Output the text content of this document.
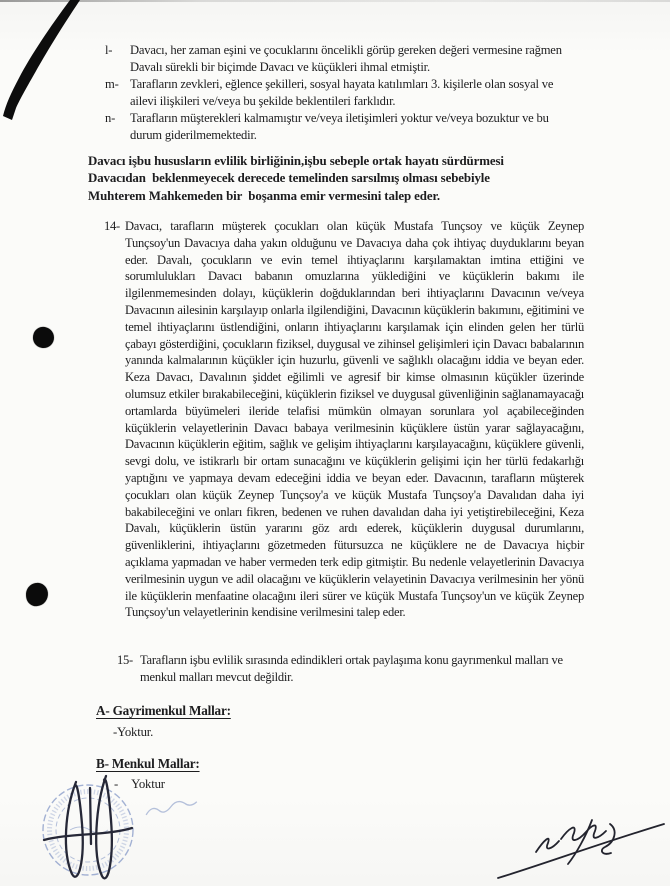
l-	Davacı, her zaman eşini ve çocuklarını öncelikli görüp gereken değeri vermesine rağmen Davalı sürekli bir biçimde Davacı ve küçükleri ihmal etmiştir.
m- Tarafların zevkleri, eğlence şekilleri, sosyal hayata katılımları 3. kişilerle olan sosyal ve ailevi ilişkileri ve/veya bu şekilde beklentileri farklıdır.
n-	Tarafların müşterekleri kalmamıştır ve/veya iletişimleri yoktur ve/veya bozuktur ve bu durum giderilmemektedir.
Davacı işbu hususların evlilik birliğinin,işbu sebeple ortak hayatı sürdürmesi
Davacıdan  beklenmeyecek derecede temelinden sarsılmış olması sebebiyle
Muhterem Mahkemeden bir  boşanma emir vermesini talep eder.
14- Davacı, tarafların müşterek çocukları olan küçük Mustafa Tunçsoy ve küçük Zeynep Tunçsoy'un Davacıya daha yakın olduğunu ve Davacıya daha çok ihtiyaç duyduklarını beyan eder. Davalı, çocukların ve evin temel ihtiyaçlarını karşılamaktan imtina ettiğini ve sorumlulukları Davacı babanın omuzlarına yüklediğini ve küçüklerin bakımı ile ilgilenmemesinden dolayı, küçüklerin doğduklarından beri ihtiyaçlarını Davacının ve/veya Davacının ailesinin karşılayıp onlarla ilgilendiğini, Davacının küçüklerin bakımını, eğitimini ve temel ihtiyaçlarını üstlendiğini, onların ihtiyaçlarını karşılamak için elinden gelen her türlü çabayı gösterdiğini, çocukların fiziksel, duygusal ve zihinsel gelişimleri için Davacı babalarının yanında kalmalarının küçükler için huzurlu, güvenli ve sağlıklı olacağını iddia ve beyan eder. Keza Davacı, Davalının şiddet eğilimli ve agresif bir kimse olmasının küçükler üzerinde olumsuz etkiler bırakabileceğini, küçüklerin fiziksel ve duygusal güvenliğinin sağlanamayacağı ortamlarda büyümeleri ileride telafisi mümkün olmayan sorunlara yol açabileceğinden küçüklerin velayetlerinin Davacı babaya verilmesinin küçüklere üstün yarar sağlayacağını, Davacının küçüklerin eğitim, sağlık ve gelişim ihtiyaçlarını karşılayacağını, küçüklere güvenli, sevgi dolu, ve istikrarlı bir ortam sunacağını ve küçüklerin gelişimi için her türlü fedakarlığı yaptığını ve yapmaya devam edeceğini iddia ve beyan eder. Davacının, tarafların müşterek çocukları olan küçük Zeynep Tunçsoy'a ve küçük Mustafa Tunçsoy'a Davalıdan daha iyi bakabileceğini ve onları fikren, bedenen ve ruhen davalıdan daha iyi yetiştirebileceğini, Keza Davalı, küçüklerin üstün yararını göz ardı ederek, küçüklerin duygusal durumlarını, güvenliklerini, ihtiyaçlarını gözetmeden fütursuzca ne küçüklere ne de Davacıya hiçbir açıklama yapmadan ve haber vermeden terk edip gitmiştir. Bu nedenle velayetlerinin Davacıya verilmesinin uygun ve adil olacağını ve küçüklerin velayetinin Davacıya verilmesinin her yönü ile küçüklerin menfaatine olacağını ileri sürer ve küçük Mustafa Tunçsoy'un ve küçük Zeynep Tunçsoy'un velayetlerinin kendisine verilmesini talep eder.
15- Tarafların işbu evlilik sırasında edindikleri ortak paylaşıma konu gayrımenkul malları ve menkul malları mevcut değildir.
A- Gayrimenkul Mallar:
-Yoktur.
B- Menkul Mallar:
- Yoktur
